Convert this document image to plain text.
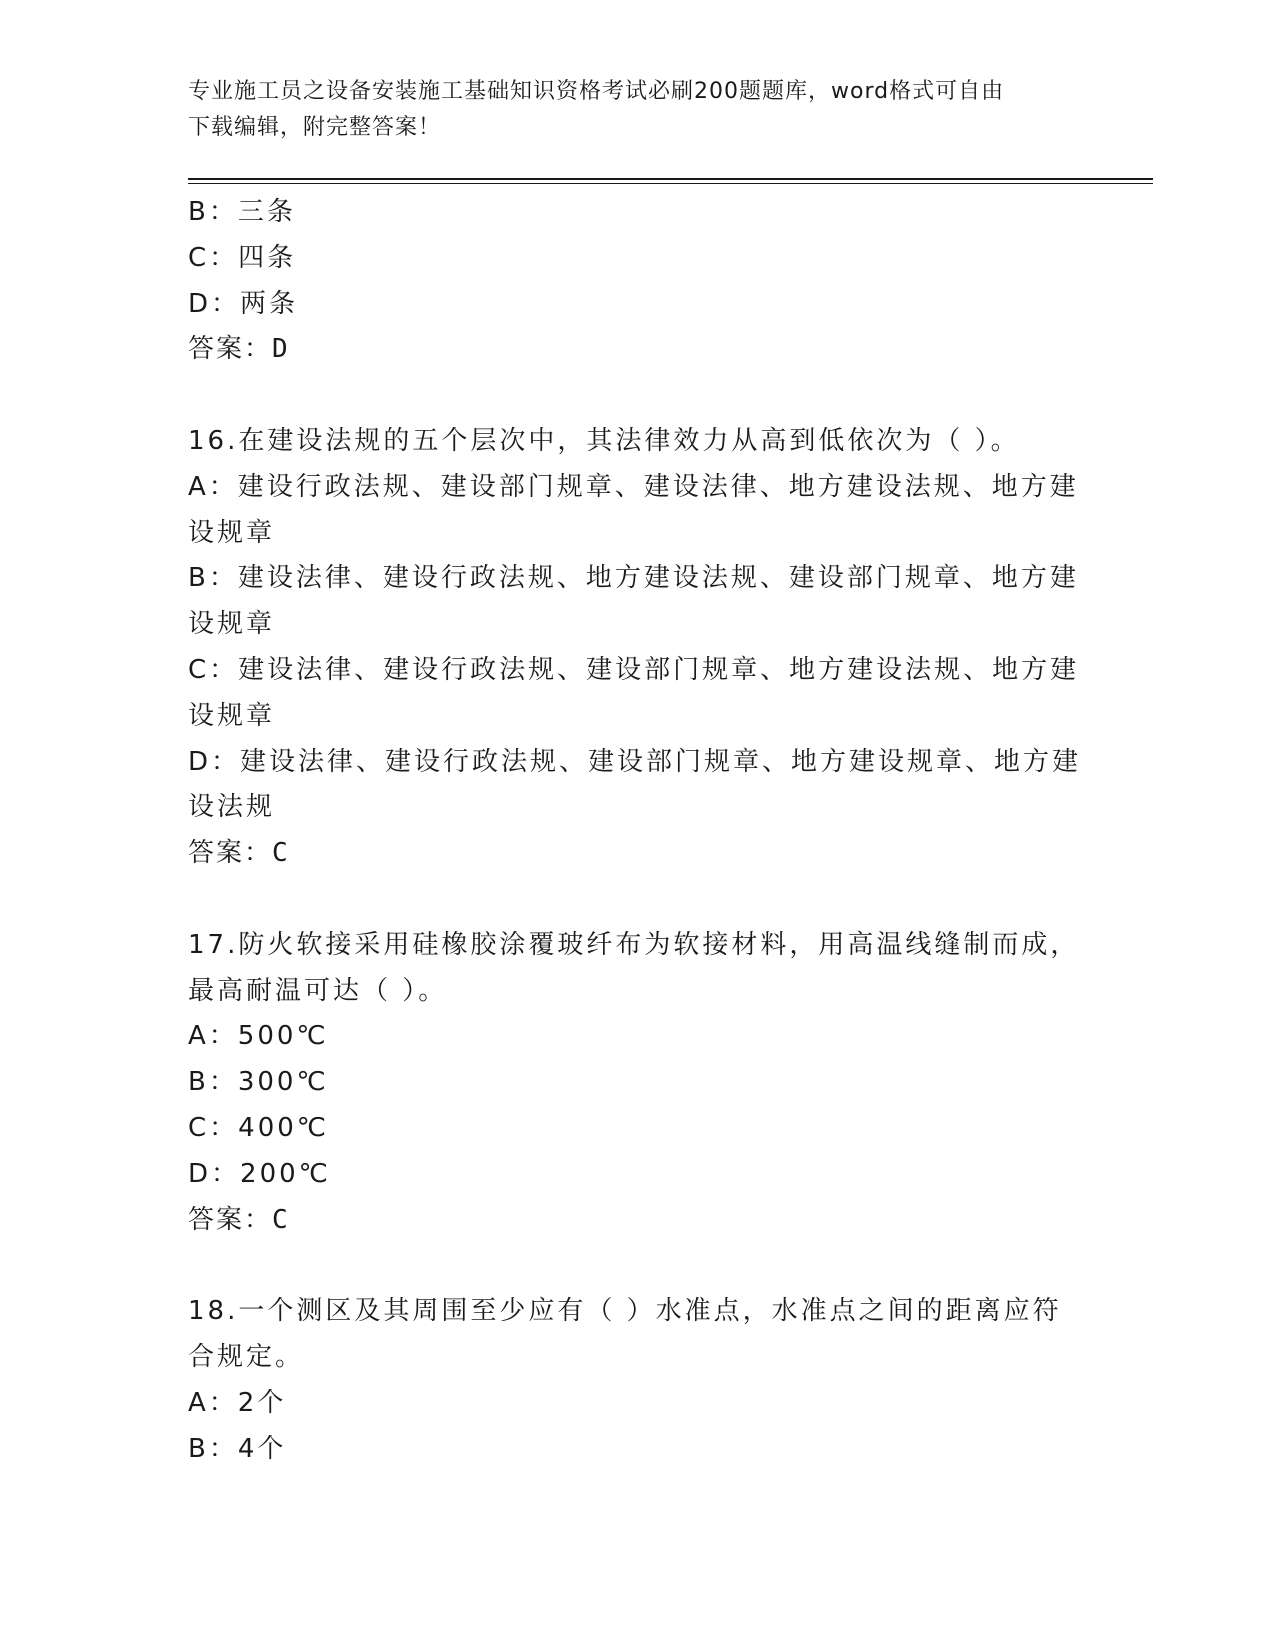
专业施工员之设备安装施工基础知识资格考试必刷200题题库，word格式可自由
下载编辑，附完整答案！
B：三条
C：四条
D：两条
答案：D
16.在建设法规的五个层次中，其法律效力从高到低依次为（ ）。
A：建设行政法规、建设部门规章、建设法律、地方建设法规、地方建
设规章
B：建设法律、建设行政法规、地方建设法规、建设部门规章、地方建
设规章
C：建设法律、建设行政法规、建设部门规章、地方建设法规、地方建
设规章
D：建设法律、建设行政法规、建设部门规章、地方建设规章、地方建
设法规
答案：C
17.防火软接采用硅橡胶涂覆玻纤布为软接材料，用高温线缝制而成，
最高耐温可达（ ）。
A：500℃
B：300℃
C：400℃
D：200℃
答案：C
18.一个测区及其周围至少应有（ ）水准点，水准点之间的距离应符
合规定。
A：2个
B：4个
